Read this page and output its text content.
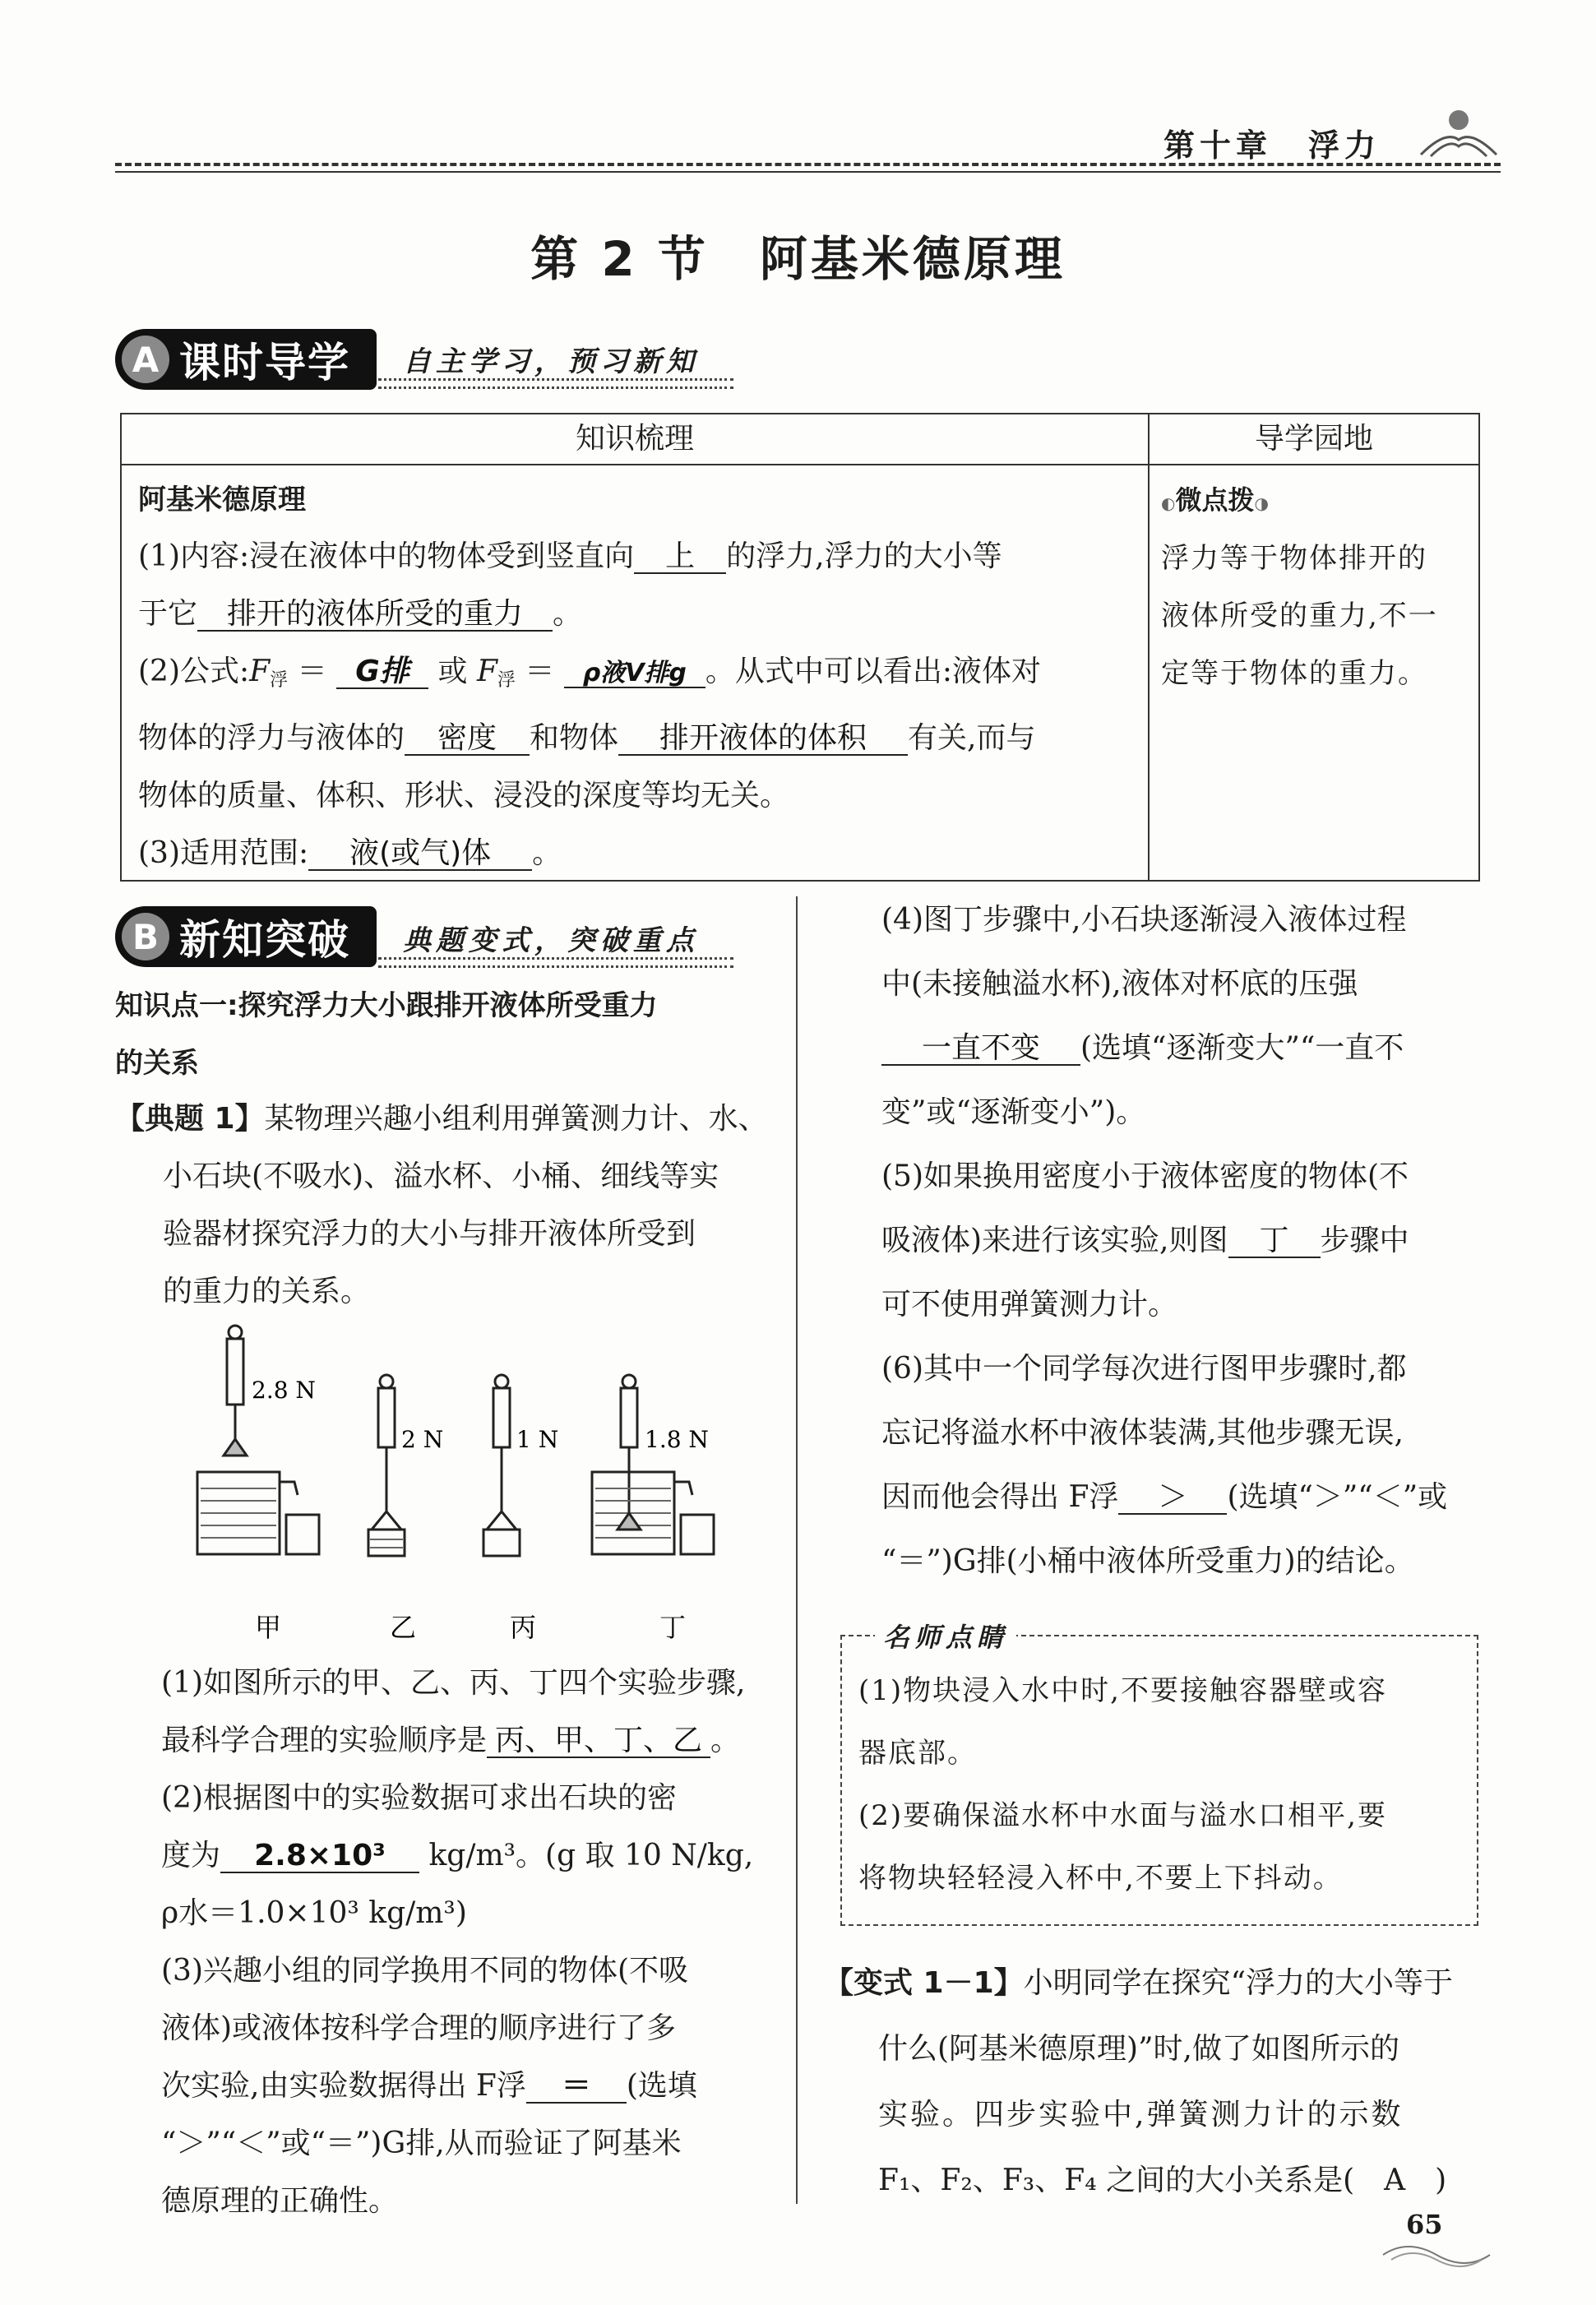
第十章　浮力
第 2 节　阿基米德原理
A 课时导学 自主学习，预习新知
知识梳理	导学园地
阿基米德原理
(1)内容:浸在液体中的物体受到竖直向 上 的浮力,浮力的大小等
于它 排开的液体所受的重力 。
(2)公式$:F_浮 = G$排 或 $F_浮 = \rho$液V排g 。从式中可以看出:液体对
物体的浮力与液体的 密度 和物体 排开液体的体积 有关,而与
物体的质量、体积、形状、浸没的深度等均无关。
(3)适用范围: 液(或气)体 。
◐微点拨◑
浮力等于物体排开的
液体所受的重力,不一
定等于物体的重力。
B 新知突破 典题变式，突破重点
知识点一:探究浮力大小跟排开液体所受重力
的关系
【典题 1】某物理兴趣小组利用弹簧测力计、水、
小石块(不吸水)、溢水杯、小桶、细线等实
验器材探究浮力的大小与排开液体所受到
的重力的关系。
2.8 N
2 N	1 N	1.8 N
甲	乙	丙	丁
(1)如图所示的甲、乙、丙、丁四个实验步骤,
最科学合理的实验顺序是 丙、甲、丁、乙 。
(2)根据图中的实验数据可求出石块的密
度为 2.8×10³ kg/m³。(g 取 10 N/kg,
ρ水＝1.0×10³ kg/m³)
(3)兴趣小组的同学换用不同的物体(不吸
液体)或液体按科学合理的顺序进行了多
次实验,由实验数据得出 F浮 ＝ (选填
“＞”“＜”或“＝”)G排,从而验证了阿基米
德原理的正确性。
(4)图丁步骤中,小石块逐渐浸入液体过程
中(未接触溢水杯),液体对杯底的压强
一直不变 (选填“逐渐变大”“一直不
变”或“逐渐变小”)。
(5)如果换用密度小于液体密度的物体(不
吸液体)来进行该实验,则图 丁 步骤中
可不使用弹簧测力计。
(6)其中一个同学每次进行图甲步骤时,都
忘记将溢水杯中液体装满,其他步骤无误,
因而他会得出 F浮 ＞ (选填“＞”“＜”或
“＝”)G排(小桶中液体所受重力)的结论。
名师点睛
(1)物块浸入水中时,不要接触容器壁或容
器底部。
(2)要确保溢水杯中水面与溢水口相平,要
将物块轻轻浸入杯中,不要上下抖动。
【变式 1－1】小明同学在探究“浮力的大小等于
什么(阿基米德原理)”时,做了如图所示的
实验。四步实验中,弹簧测力计的示数
F₁、F₂、F₃、F₄ 之间的大小关系是(　A　)
65
